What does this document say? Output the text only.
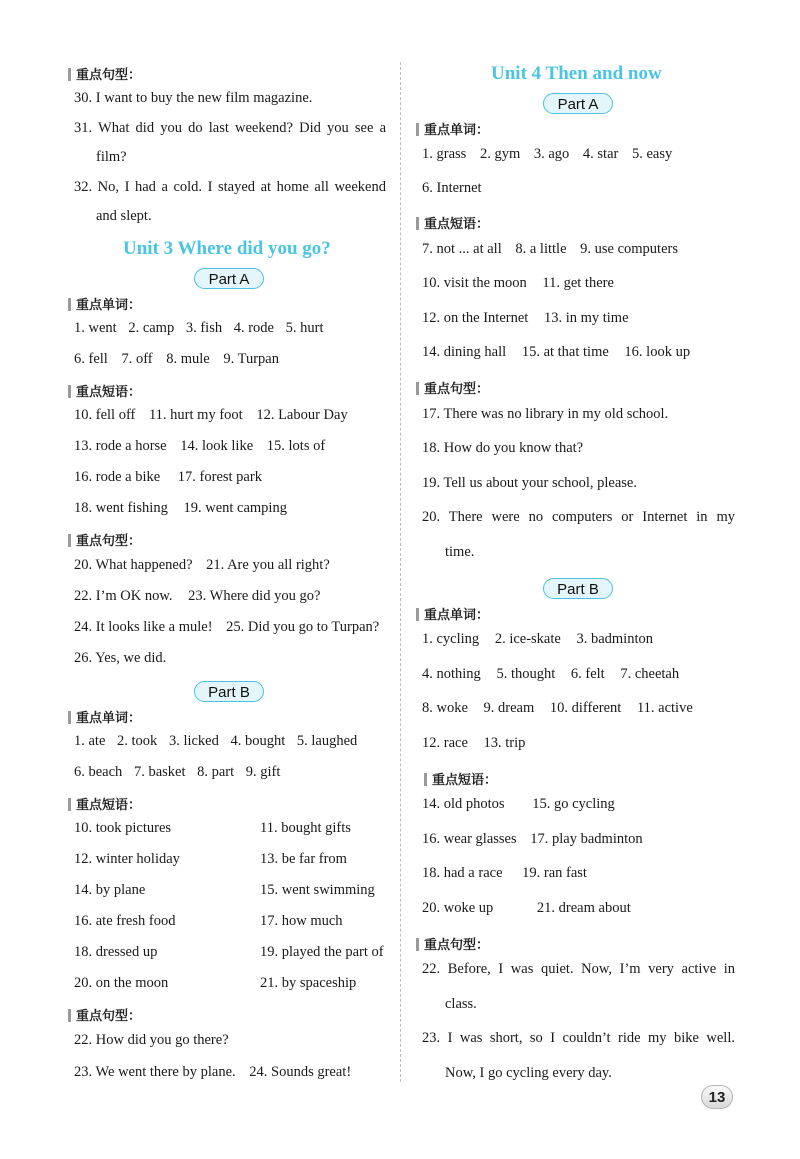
重点句型：
30. I want to buy the new film magazine.
31. What did you do last weekend? Did you see a
film?
32. No, I had a cold. I stayed at home all weekend
and slept.
Unit 3 Where did you go?
Part A
重点单词：
1. went 2. camp 3. fish 4. rode 5. hurt
6. fell 7. off 8. mule 9. Turpan
重点短语：
10. fell off 11. hurt my foot 12. Labour Day
13. rode a horse 14. look like 15. lots of
16. rode a bike 17. forest park
18. went fishing 19. went camping
重点句型：
20. What happened? 21. Are you all right?
22. I’m OK now. 23. Where did you go?
24. It looks like a mule! 25. Did you go to Turpan?
26. Yes, we did.
Part B
重点单词：
1. ate 2. took 3. licked 4. bought 5. laughed
6. beach 7. basket 8. part 9. gift
重点短语：
10. took pictures	11. bought gifts
12. winter holiday	13. be far from
14. by plane	15. went swimming
16. ate fresh food	17. how much
18. dressed up	19. played the part of
20. on the moon	21. by spaceship
重点句型：
22. How did you go there?
23. We went there by plane. 24. Sounds great!
Unit 4 Then and now
Part A
重点单词：
1. grass 2. gym 3. ago 4. star 5. easy
6. Internet
重点短语：
7. not ... at all 8. a little 9. use computers
10. visit the moon 11. get there
12. on the Internet 13. in my time
14. dining hall 15. at that time 16. look up
重点句型：
17. There was no library in my old school.
18. How do you know that?
19. Tell us about your school, please.
20. There were no computers or Internet in my
time.
Part B
重点单词：
1. cycling 2. ice-skate 3. badminton
4. nothing 5. thought 6. felt 7. cheetah
8. woke 9. dream 10. different 11. active
12. race 13. trip
重点短语：
14. old photos 15. go cycling
16. wear glasses 17. play badminton
18. had a race 19. ran fast
20. woke up	21. dream about
重点句型：
22. Before, I was quiet. Now, I’m very active in
class.
23. I was short, so I couldn’t ride my bike well.
Now, I go cycling every day.
13
